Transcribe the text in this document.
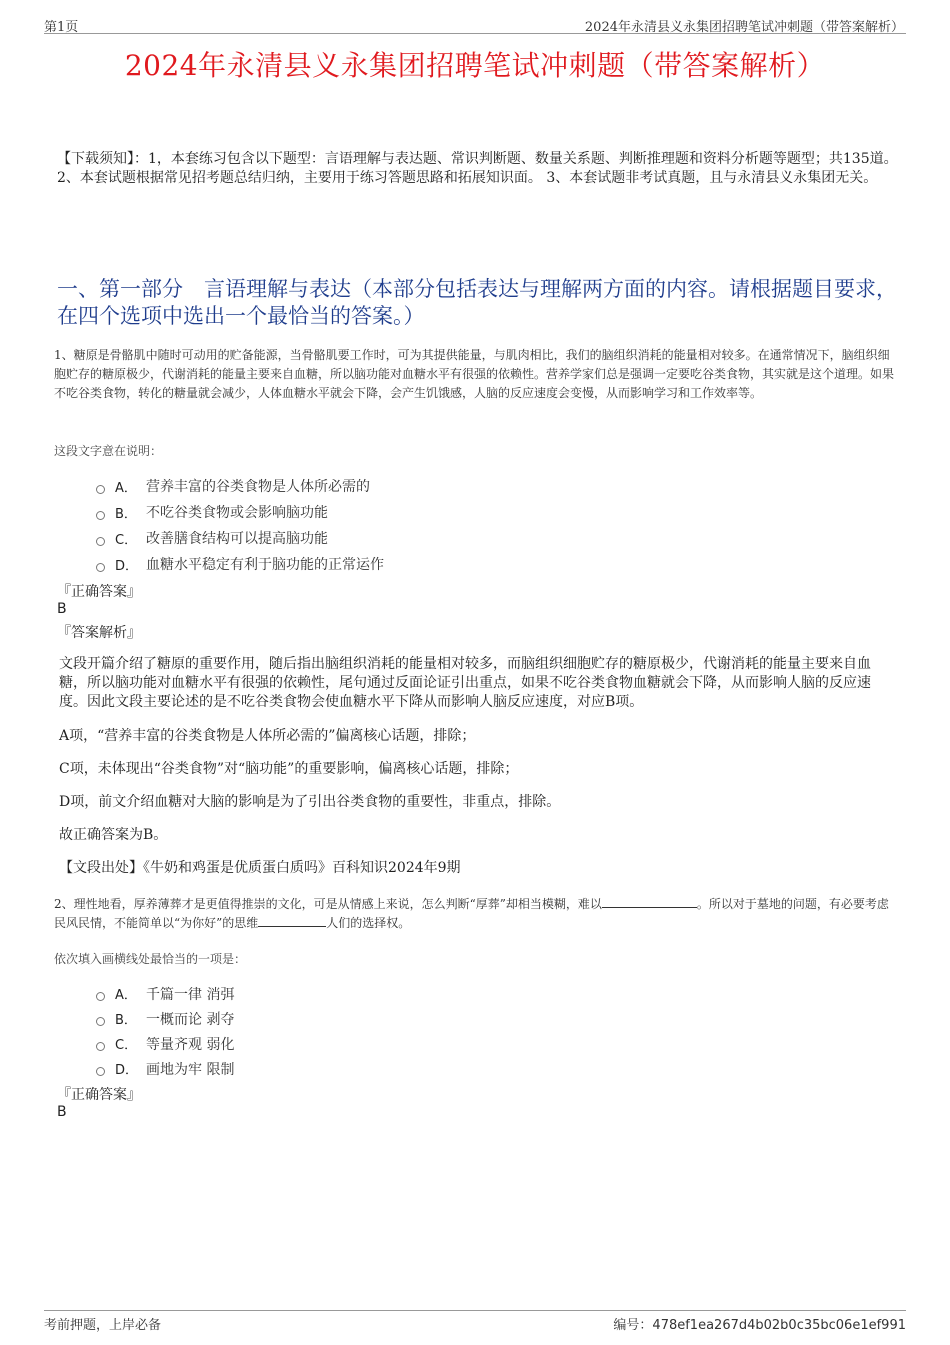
第1页	2024年永清县义永集团招聘笔试冲刺题（带答案解析）
2024年永清县义永集团招聘笔试冲刺题（带答案解析）
【下载须知】：1，本套练习包含以下题型：言语理解与表达题、常识判断题、数量关系题、判断推理题和资料分析题等题型；共135道。 2、本套试题根据常见招考题总结归纳，主要用于练习答题思路和拓展知识面。 3、本套试题非考试真题，且与永清县义永集团无关。
一、第一部分　言语理解与表达（本部分包括表达与理解两方面的内容。请根据题目要求，在四个选项中选出一个最恰当的答案。）
1、糖原是骨骼肌中随时可动用的贮备能源，当骨骼肌要工作时，可为其提供能量，与肌肉相比，我们的脑组织消耗的能量相对较多。在通常情况下，脑组织细胞贮存的糖原极少，代谢消耗的能量主要来自血糖，所以脑功能对血糖水平有很强的依赖性。营养学家们总是强调一定要吃谷类食物，其实就是这个道理。如果不吃谷类食物，转化的糖量就会减少，人体血糖水平就会下降，会产生饥饿感，人脑的反应速度会变慢，从而影响学习和工作效率等。
这段文字意在说明：
A． 营养丰富的谷类食物是人体所必需的
B． 不吃谷类食物或会影响脑功能
C． 改善膳食结构可以提高脑功能
D． 血糖水平稳定有利于脑功能的正常运作
『正确答案』
B
『答案解析』
文段开篇介绍了糖原的重要作用，随后指出脑组织消耗的能量相对较多，而脑组织细胞贮存的糖原极少，代谢消耗的能量主要来自血糖，所以脑功能对血糖水平有很强的依赖性，尾句通过反面论证引出重点，如果不吃谷类食物血糖就会下降，从而影响人脑的反应速度。因此文段主要论述的是不吃谷类食物会使血糖水平下降从而影响人脑反应速度，对应B项。
A项，“营养丰富的谷类食物是人体所必需的”偏离核心话题，排除；
C项，未体现出“谷类食物”对“脑功能”的重要影响，偏离核心话题，排除；
D项，前文介绍血糖对大脑的影响是为了引出谷类食物的重要性，非重点，排除。
故正确答案为B。
【文段出处】《牛奶和鸡蛋是优质蛋白质吗》百科知识2024年9期
2、理性地看，厚养薄葬才是更值得推崇的文化，可是从情感上来说，怎么判断“厚葬”却相当模糊，难以	。所以对于墓地的问题，有必要考虑民风民情，不能简单以“为你好”的思维	人们的选择权。
依次填入画横线处最恰当的一项是：
A． 千篇一律 消弭
B． 一概而论 剥夺
C． 等量齐观 弱化
D． 画地为牢 限制
『正确答案』
B
考前押题，上岸必备	编号：478ef1ea267d4b02b0c35bc06e1ef991
